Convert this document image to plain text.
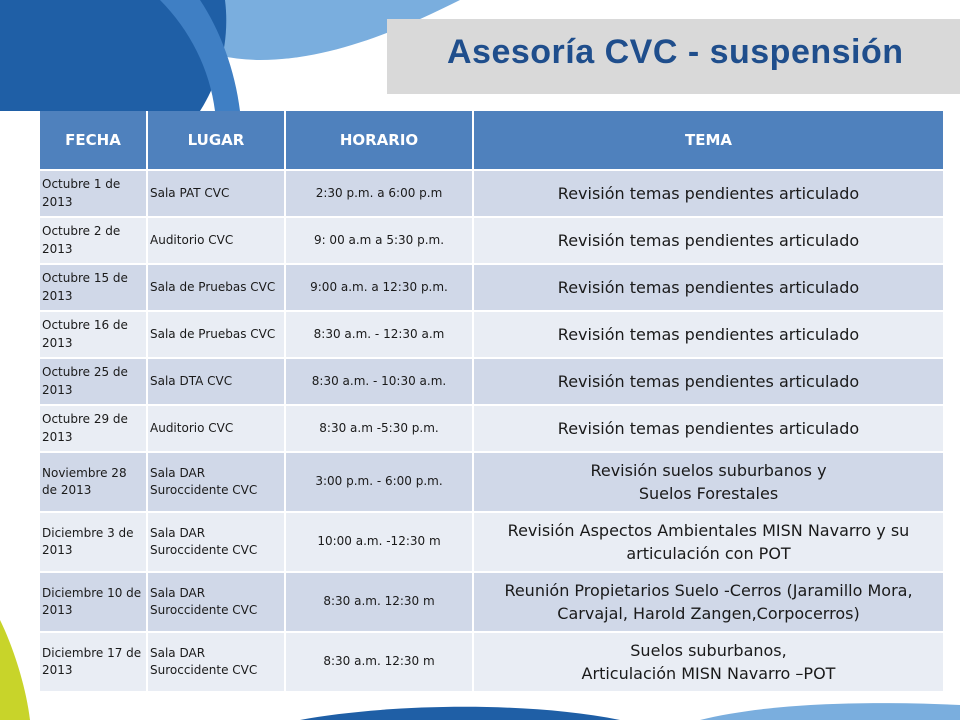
Asesoría CVC - suspensión
FECHA	LUGAR	HORARIO	TEMA
Octubre 1 de 2013	Sala PAT CVC	2:30 p.m. a 6:00 p.m	Revisión temas pendientes articulado
Octubre 2 de 2013	Auditorio CVC	9: 00 a.m a 5:30 p.m.	Revisión temas pendientes articulado
Octubre 15 de 2013	Sala de Pruebas CVC	9:00 a.m. a 12:30 p.m.	Revisión temas pendientes articulado
Octubre 16 de 2013	Sala de Pruebas CVC	8:30 a.m. - 12:30 a.m	Revisión temas pendientes articulado
Octubre 25 de 2013	Sala DTA CVC	8:30 a.m. - 10:30 a.m.	Revisión temas pendientes articulado
Octubre 29 de 2013	Auditorio CVC	8:30 a.m -5:30 p.m.	Revisión temas pendientes articulado
Noviembre 28 de 2013	Sala DAR Suroccidente CVC	3:00 p.m. - 6:00 p.m.	Revisión suelos suburbanos y
Suelos Forestales
Diciembre 3 de 2013	Sala DAR Suroccidente CVC	10:00 a.m. -12:30 m	Revisión Aspectos Ambientales MISN Navarro y su articulación con POT
Diciembre 10 de 2013	Sala DAR Suroccidente CVC	8:30 a.m. 12:30 m	Reunión Propietarios Suelo -Cerros (Jaramillo Mora, Carvajal, Harold Zangen,Corpocerros)
Diciembre 17 de 2013	Sala DAR Suroccidente CVC	8:30 a.m. 12:30 m	Suelos suburbanos,
Articulación MISN Navarro –POT
